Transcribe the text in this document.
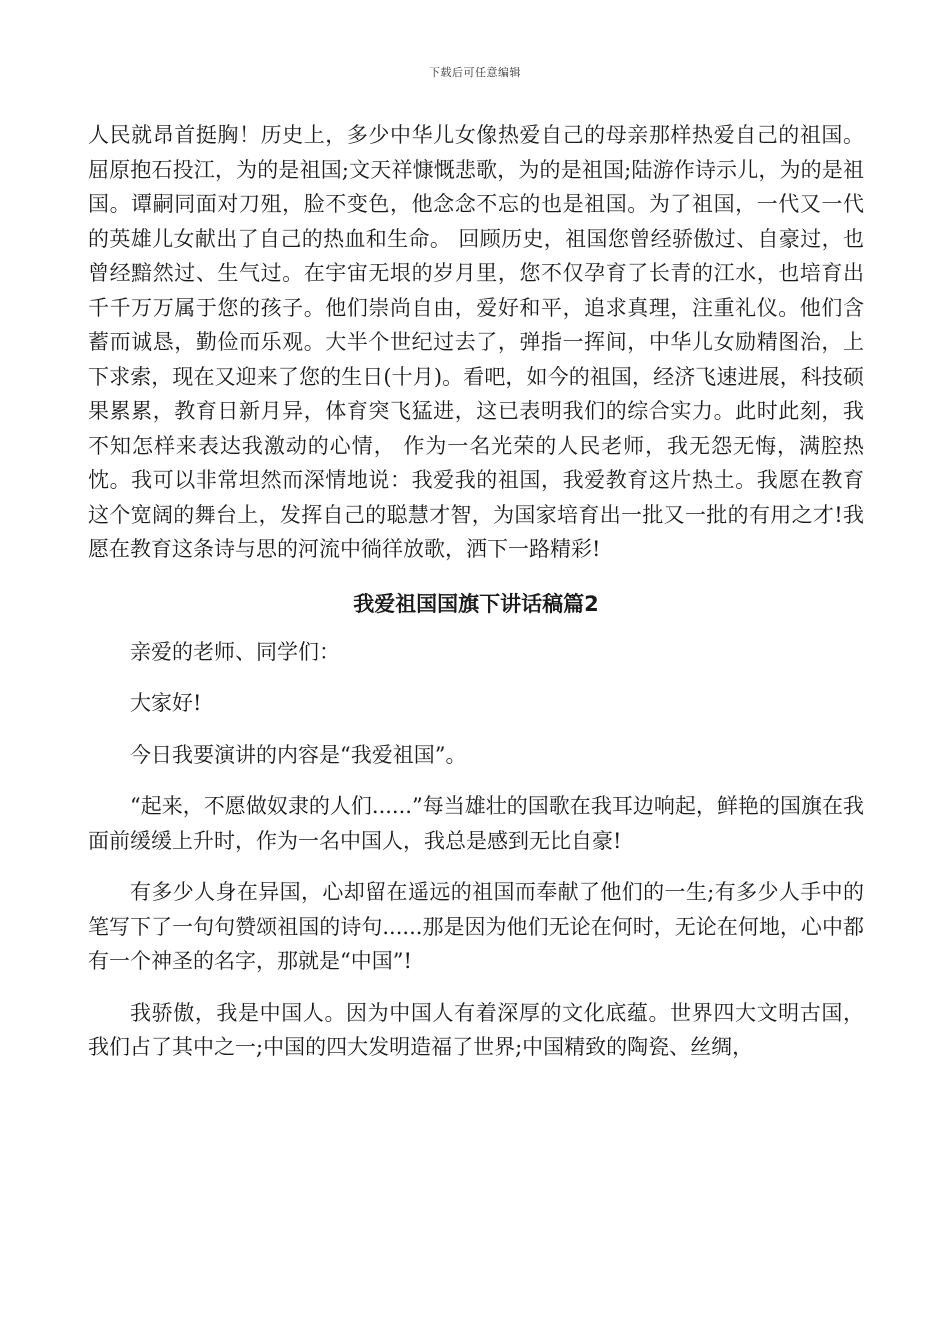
下载后可任意编辑

人民就昂首挺胸！历史上，多少中华儿女像热爱自己的母亲那样热爱自己的祖国。屈原抱石投江，为的是祖国;文天祥慷慨悲歌，为的是祖国;陆游作诗示儿，为的是祖国。谭嗣同面对刀殂，脸不变色，他念念不忘的也是祖国。为了祖国，一代又一代的英雄儿女献出了自己的热血和生命。 回顾历史，祖国您曾经骄傲过、自豪过，也曾经黯然过、生气过。在宇宙无垠的岁月里，您不仅孕育了长青的江水，也培育出千千万万属于您的孩子。他们崇尚自由，爱好和平，追求真理，注重礼仪。他们含蓄而诚恳，勤俭而乐观。大半个世纪过去了，弹指一挥间，中华儿女励精图治，上下求索，现在又迎来了您的生日(十月)。看吧，如今的祖国，经济飞速进展，科技硕果累累，教育日新月异，体育突飞猛进，这已表明我们的综合实力。此时此刻，我不知怎样来表达我激动的心情， 作为一名光荣的人民老师，我无怨无悔，满腔热忱。我可以非常坦然而深情地说：我爱我的祖国，我爱教育这片热土。我愿在教育这个宽阔的舞台上，发挥自己的聪慧才智，为国家培育出一批又一批的有用之才!我愿在教育这条诗与思的河流中徜徉放歌，洒下一路精彩!

我爱祖国国旗下讲话稿篇2

亲爱的老师、同学们：

大家好!

今日我要演讲的内容是“我爱祖国”。

“起来，不愿做奴隶的人们......”每当雄壮的国歌在我耳边响起，鲜艳的国旗在我面前缓缓上升时，作为一名中国人，我总是感到无比自豪!

有多少人身在异国，心却留在遥远的祖国而奉献了他们的一生;有多少人手中的笔写下了一句句赞颂祖国的诗句......那是因为他们无论在何时，无论在何地，心中都有一个神圣的名字，那就是“中国”!

我骄傲，我是中国人。因为中国人有着深厚的文化底蕴。世界四大文明古国，我们占了其中之一;中国的四大发明造福了世界;中国精致的陶瓷、丝绸，
